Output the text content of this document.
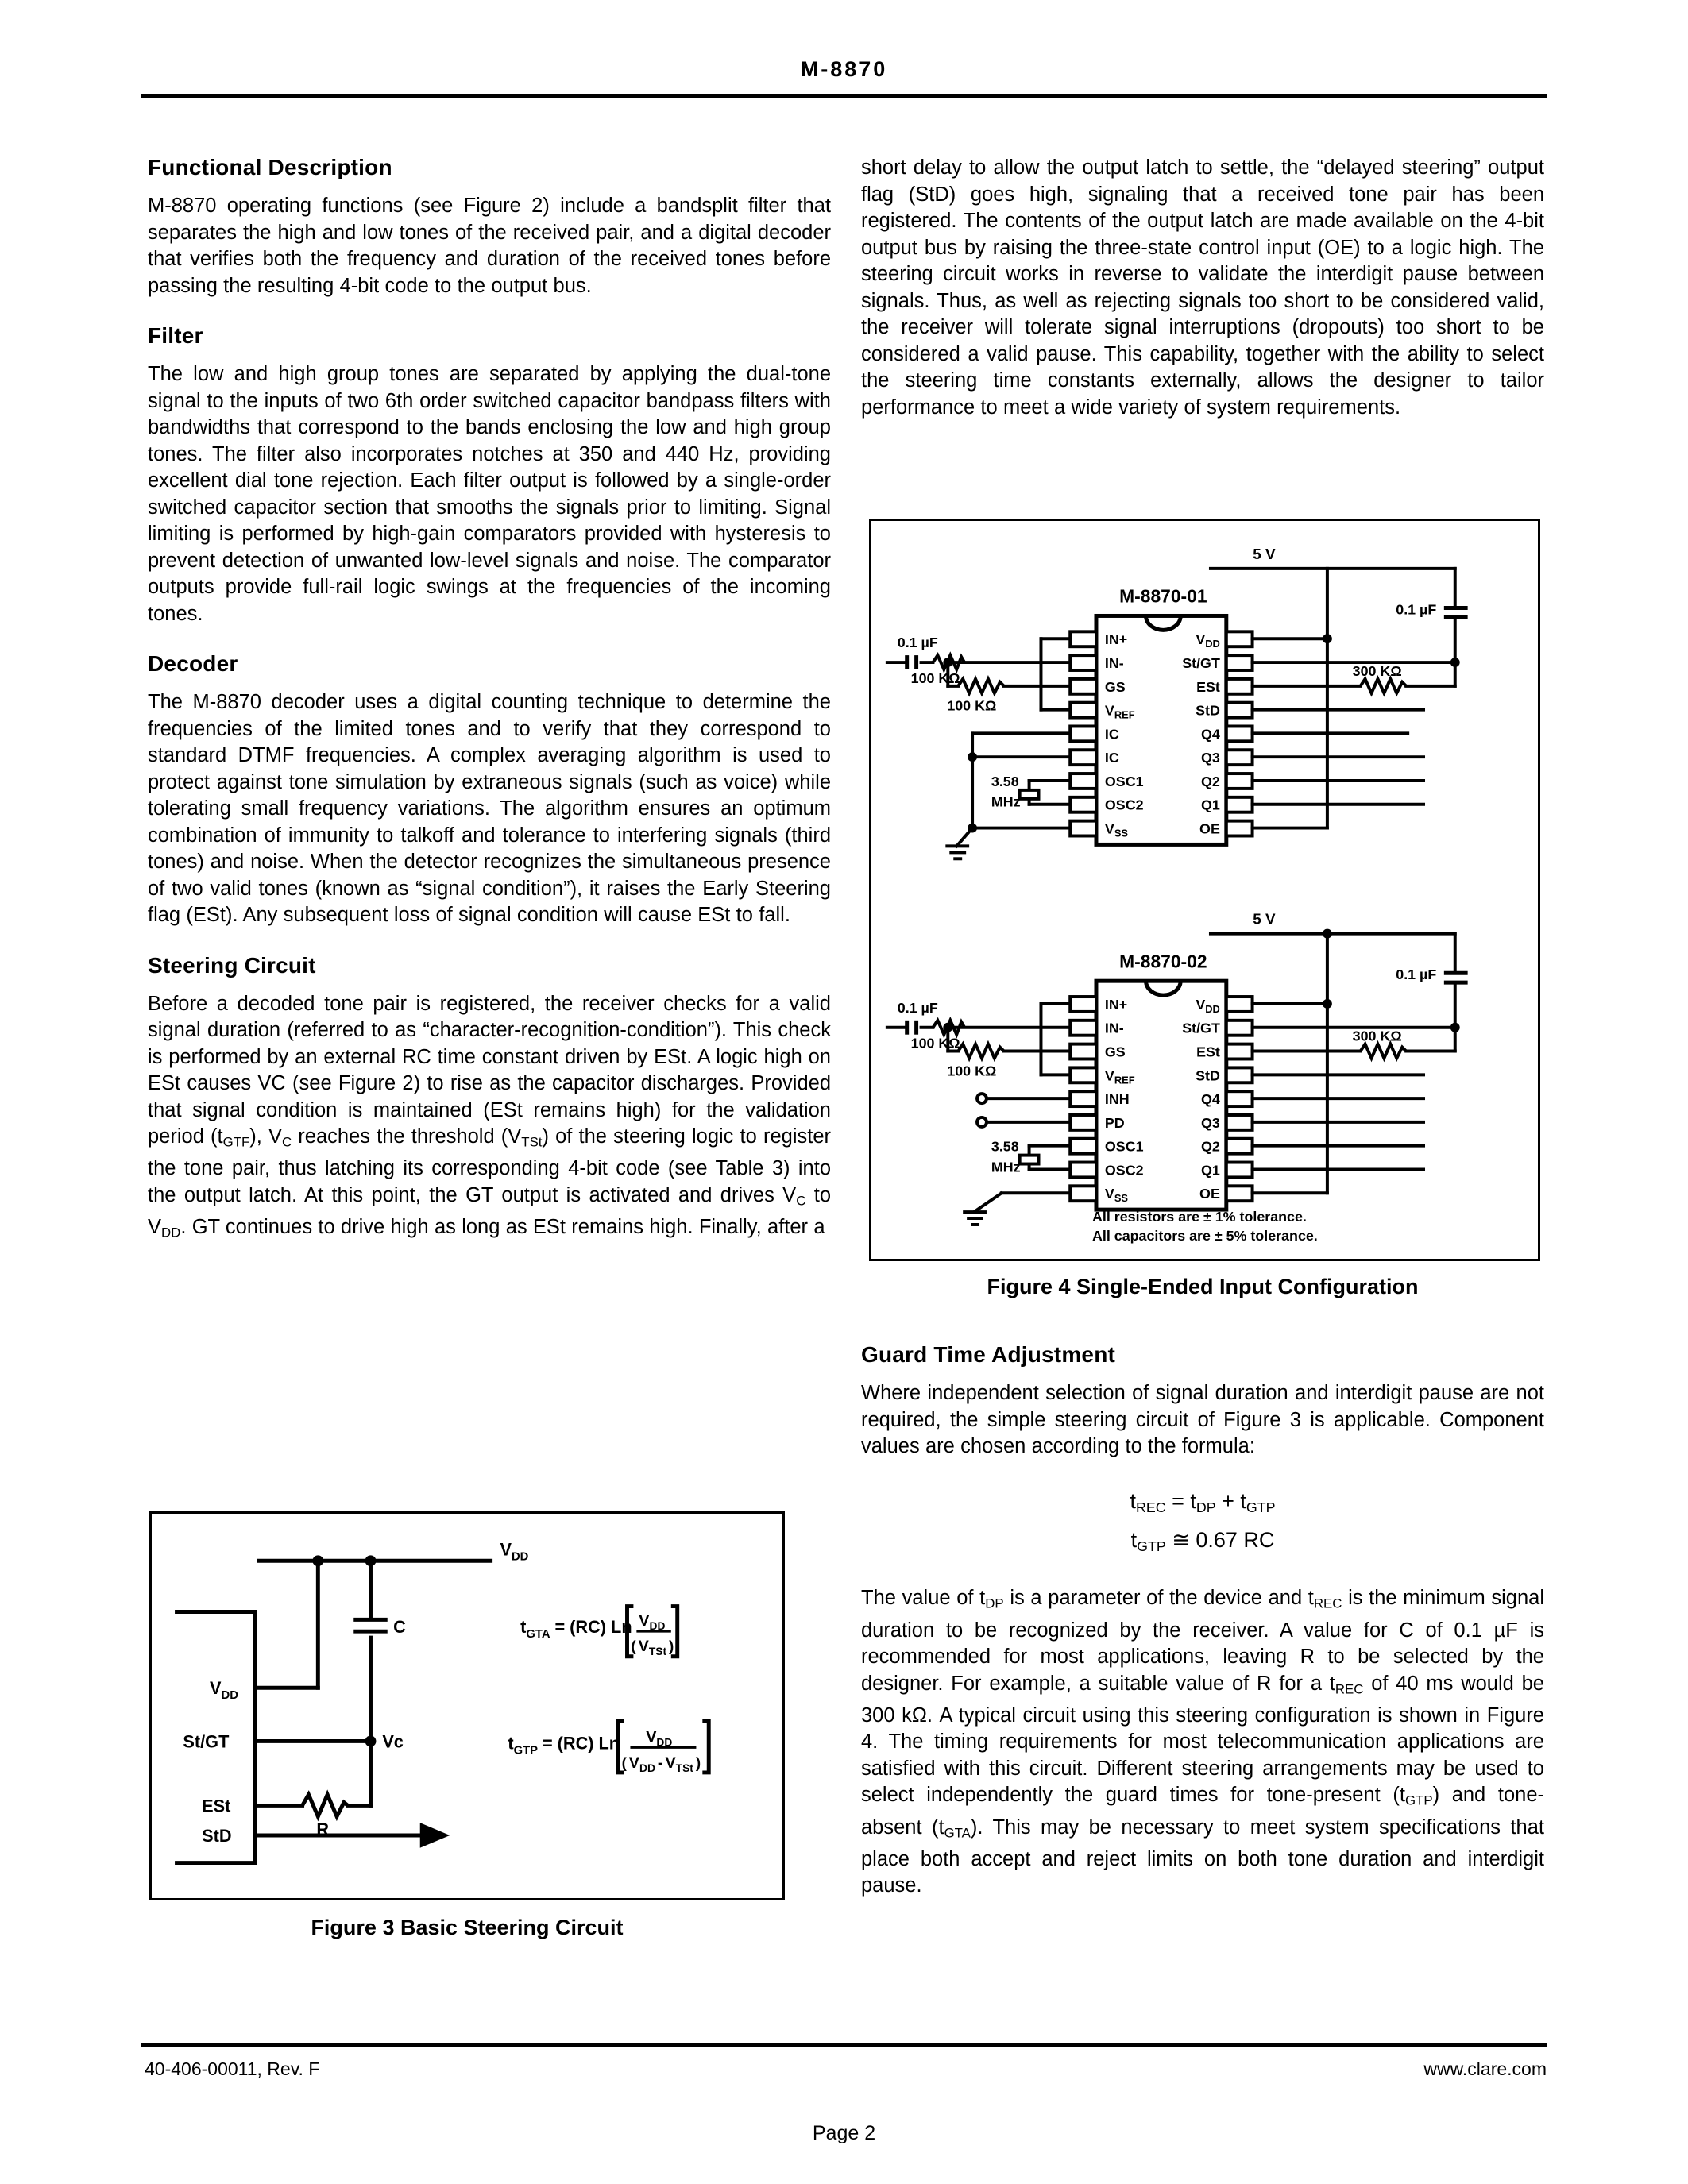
M-8870
Functional Description

M-8870 operating functions (see Figure 2) include a bandsplit filter that separates the high and low tones of the received pair, and a digital decoder that verifies both the frequency and duration of the received tones before passing the resulting 4-bit code to the output bus.

Filter

The low and high group tones are separated by applying the dual-tone signal to the inputs of two 6th order switched capacitor bandpass filters with bandwidths that correspond to the bands enclosing the low and high group tones. The filter also incorporates notches at 350 and 440 Hz, providing excellent dial tone rejection. Each filter output is followed by a single-order switched capacitor section that smooths the signals prior to limiting. Signal limiting is performed by high-gain comparators provided with hysteresis to prevent detection of unwanted low-level signals and noise. The comparator outputs provide full-rail logic swings at the frequencies of the incoming tones.

Decoder

The M-8870 decoder uses a digital counting technique to determine the frequencies of the limited tones and to verify that they correspond to standard DTMF frequencies. A complex averaging algorithm is used to protect against tone simulation by extraneous signals (such as voice) while tolerating small frequency variations. The algorithm ensures an optimum combination of immunity to talkoff and tolerance to interfering signals (third tones) and noise. When the detector recognizes the simultaneous presence of two valid tones (known as “signal condition”), it raises the Early Steering flag (ESt). Any subsequent loss of signal condition will cause ESt to fall.

Steering Circuit

Before a decoded tone pair is registered, the receiver checks for a valid signal duration (referred to as “character-recognition-condition”). This check is performed by an external RC time constant driven by ESt. A logic high on ESt causes VC (see Figure 2) to rise as the capacitor discharges. Provided that signal condition is maintained (ESt remains high) for the validation period $(t_{GTF})$, $V_C$ reaches the threshold $(V_{TSt})$ of the steering logic to register the tone pair, thus latching its corresponding 4-bit code (see Table 3) into the output latch. At this point, the GT output is activated and drives $V_C$ to $V_{DD}$. GT continues to drive high as long as ESt remains high. Finally, after a

$V_{DD}$
C
$V_{DD}$
St/GT
ESt
StD
Vc
R
$t_{GTA} = (RC)$ Ln $V_{DD}$
( $V_{TSt}$ )
$t_{GTP} = (RC)$ Ln $V_{DD}$
( $V_{DD} - V_{TSt}$ )
Figure 3 Basic Steering Circuit

short delay to allow the output latch to settle, the “delayed steering” output flag (StD) goes high, signaling that a received tone pair has been registered. The contents of the output latch are made available on the 4-bit output bus by raising the three-state control input (OE) to a logic high. The steering circuit works in reverse to validate the interdigit pause between signals. Thus, as well as rejecting signals too short to be considered valid, the receiver will tolerate signal interruptions (dropouts) too short to be considered a valid pause. This capability, together with the ability to select the steering time constants externally, allows the designer to tailor performance to meet a wide variety of system requirements.

M-8870-01
5 V
IN+
IN-
GS
$V_{REF}$
IC
IC
OSC1
OSC2
$V_{SS}$
$V_{DD}$
St/GT
ESt
StD
Q4
Q3
Q2
Q1
OE
0.1 µF
100 KΩ
100 KΩ
3.58
MHz
0.1 µF
300 KΩ
M-8870-02
5 V
IN+
IN-
GS
$V_{REF}$
INH
PD
OSC1
OSC2
$V_{SS}$
$V_{DD}$
St/GT
ESt
StD
Q4
Q3
Q2
Q1
OE
0.1 µF
100 KΩ
100 KΩ
3.58
MHz
0.1 µF
300 KΩ
All resistors are ± 1% tolerance.
All capacitors are ± 5% tolerance.
Figure 4 Single-Ended Input Configuration
Guard Time Adjustment

Where independent selection of signal duration and interdigit pause are not required, the simple steering circuit of Figure 3 is applicable. Component values are chosen according to the formula:

$t_{REC} = t_{DP} + t_{GTP}$
$t_{GTP}$ ≅ 0.67 RC

The value of $t_{DP}$ is a parameter of the device and $t_{REC}$ is the minimum signal duration to be recognized by the receiver. A value for C of 0.1 µF is recommended for most applications, leaving R to be selected by the designer. For example, a suitable value of R for a $t_{REC}$ of 40 ms would be 300 kΩ. A typical circuit using this steering configuration is shown in Figure 4. The timing requirements for most telecommunication applications are satisfied with this circuit. Different steering arrangements may be used to select independently the guard times for tone-present $(t_{GTP})$ and tone-absent $(t_{GTA})$. This may be necessary to meet system specifications that place both accept and reject limits on both tone duration and interdigit pause.

40-406-00011, Rev. F	www.clare.com
Page 2
